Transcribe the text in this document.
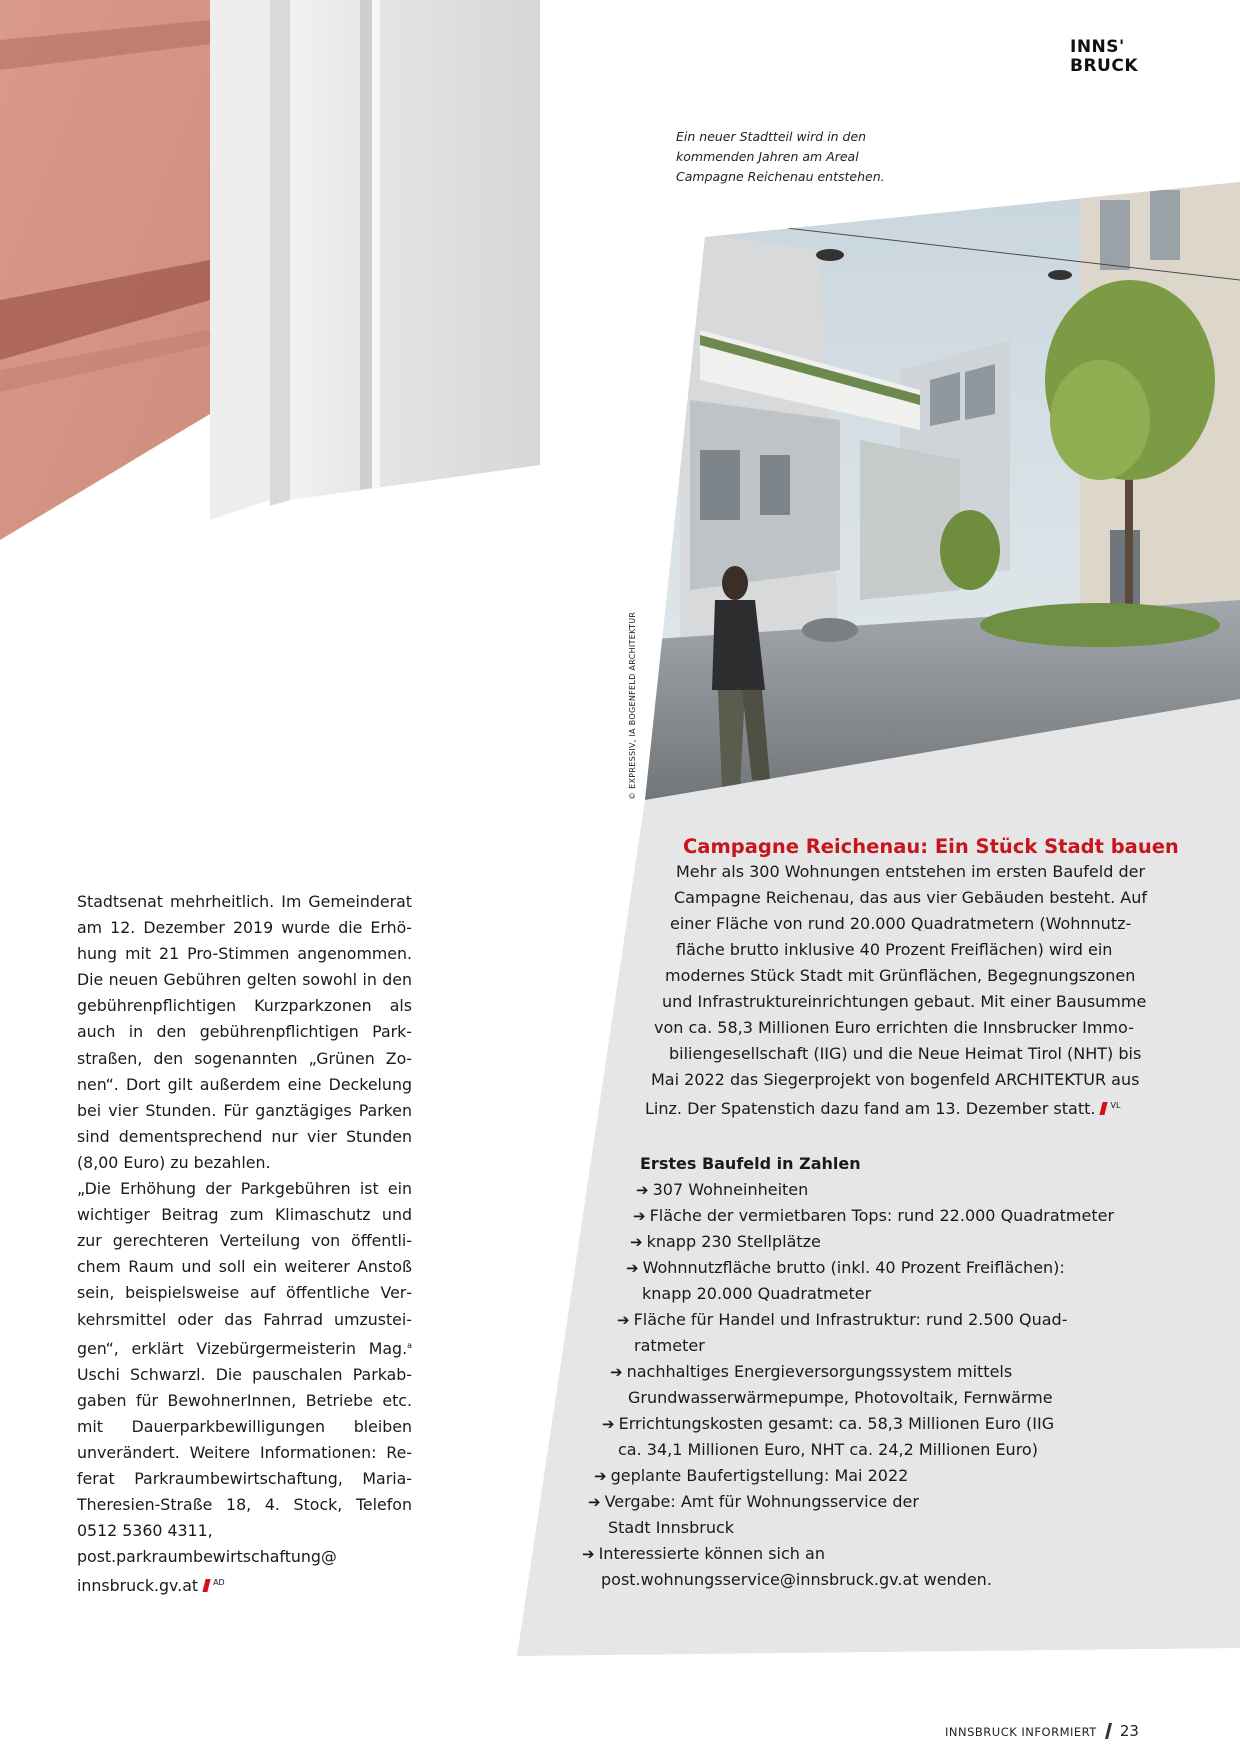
INNS'
BRUCK
Ein neuer Stadtteil wird in den
kommenden Jahren am Areal
Campagne Reichenau entstehen.
© EXPRESSIV, IA BOGENFELD ARCHITEKTUR

Stadtsenat mehrheitlich. Im Gemeinderat am 12. Dezember 2019 wurde die Erhöhung mit 21 Pro-Stimmen angenommen. Die neuen Gebühren gelten sowohl in den gebührenpflichtigen Kurzparkzonen als auch in den gebührenpflichtigen Parkstraßen, den sogenannten „Grünen Zonen“. Dort gilt außerdem eine Deckelung bei vier Stunden. Für ganztägiges Parken sind dementsprechend nur vier Stunden (8,00 Euro) zu bezahlen.

„Die Erhöhung der Parkgebühren ist ein wichtiger Beitrag zum Klimaschutz und zur gerechteren Verteilung von öffentlichem Raum und soll ein weiterer Anstoß sein, beispielsweise auf öffentliche Verkehrsmittel oder das Fahrrad umzusteigen“, erklärt Vizebürgermeisterin Mag.$^a$ Uschi Schwarzl. Die pauschalen Parkabgaben für BewohnerInnen, Betriebe etc. mit Dauerparkbewilligungen bleiben unverändert. Weitere Informationen: Referat Parkraumbewirtschaftung, Maria-Theresien-Straße 18, 4. Stock, Telefon 0512 5360 4311,

post.parkraumbewirtschaftung@
innsbruck.gv.at $^{AD}$
Campagne Reichenau: Ein Stück Stadt bauen
Mehr als 300 Wohnungen entstehen im ersten Baufeld der
Campagne Reichenau, das aus vier Gebäuden besteht. Auf
einer Fläche von rund 20.000 Quadratmetern (Wohnnutz-
fläche brutto inklusive 40 Prozent Freiflächen) wird ein
modernes Stück Stadt mit Grünflächen, Begegnungszonen
und Infrastruktureinrichtungen gebaut. Mit einer Bausumme
von ca. 58,3 Millionen Euro errichten die Innsbrucker Immo-
biliengesellschaft (IIG) und die Neue Heimat Tirol (NHT) bis
Mai 2022 das Siegerprojekt von bogenfeld ARCHITEKTUR aus
Linz. Der Spatenstich dazu fand am 13. Dezember statt. $^{VL}$
Erstes Baufeld in Zahlen
➔ 307 Wohneinheiten
➔ Fläche der vermietbaren Tops: rund 22.000 Quadratmeter
➔ knapp 230 Stellplätze
➔ Wohnnutzfläche brutto (inkl. 40 Prozent Freiflächen):
knapp 20.000 Quadratmeter
➔ Fläche für Handel und Infrastruktur: rund 2.500 Quad-
ratmeter
➔ nachhaltiges Energieversorgungssystem mittels
Grundwasserwärmepumpe, Photovoltaik, Fernwärme
➔ Errichtungskosten gesamt: ca. 58,3 Millionen Euro (IIG
ca. 34,1 Millionen Euro, NHT ca. 24,2 Millionen Euro)
➔ geplante Baufertigstellung: Mai 2022
➔ Vergabe: Amt für Wohnungsservice der
Stadt Innsbruck
➔ Interessierte können sich an
post.wohnungsservice@innsbruck.gv.at wenden.
INNSBRUCK INFORMIERT 23
